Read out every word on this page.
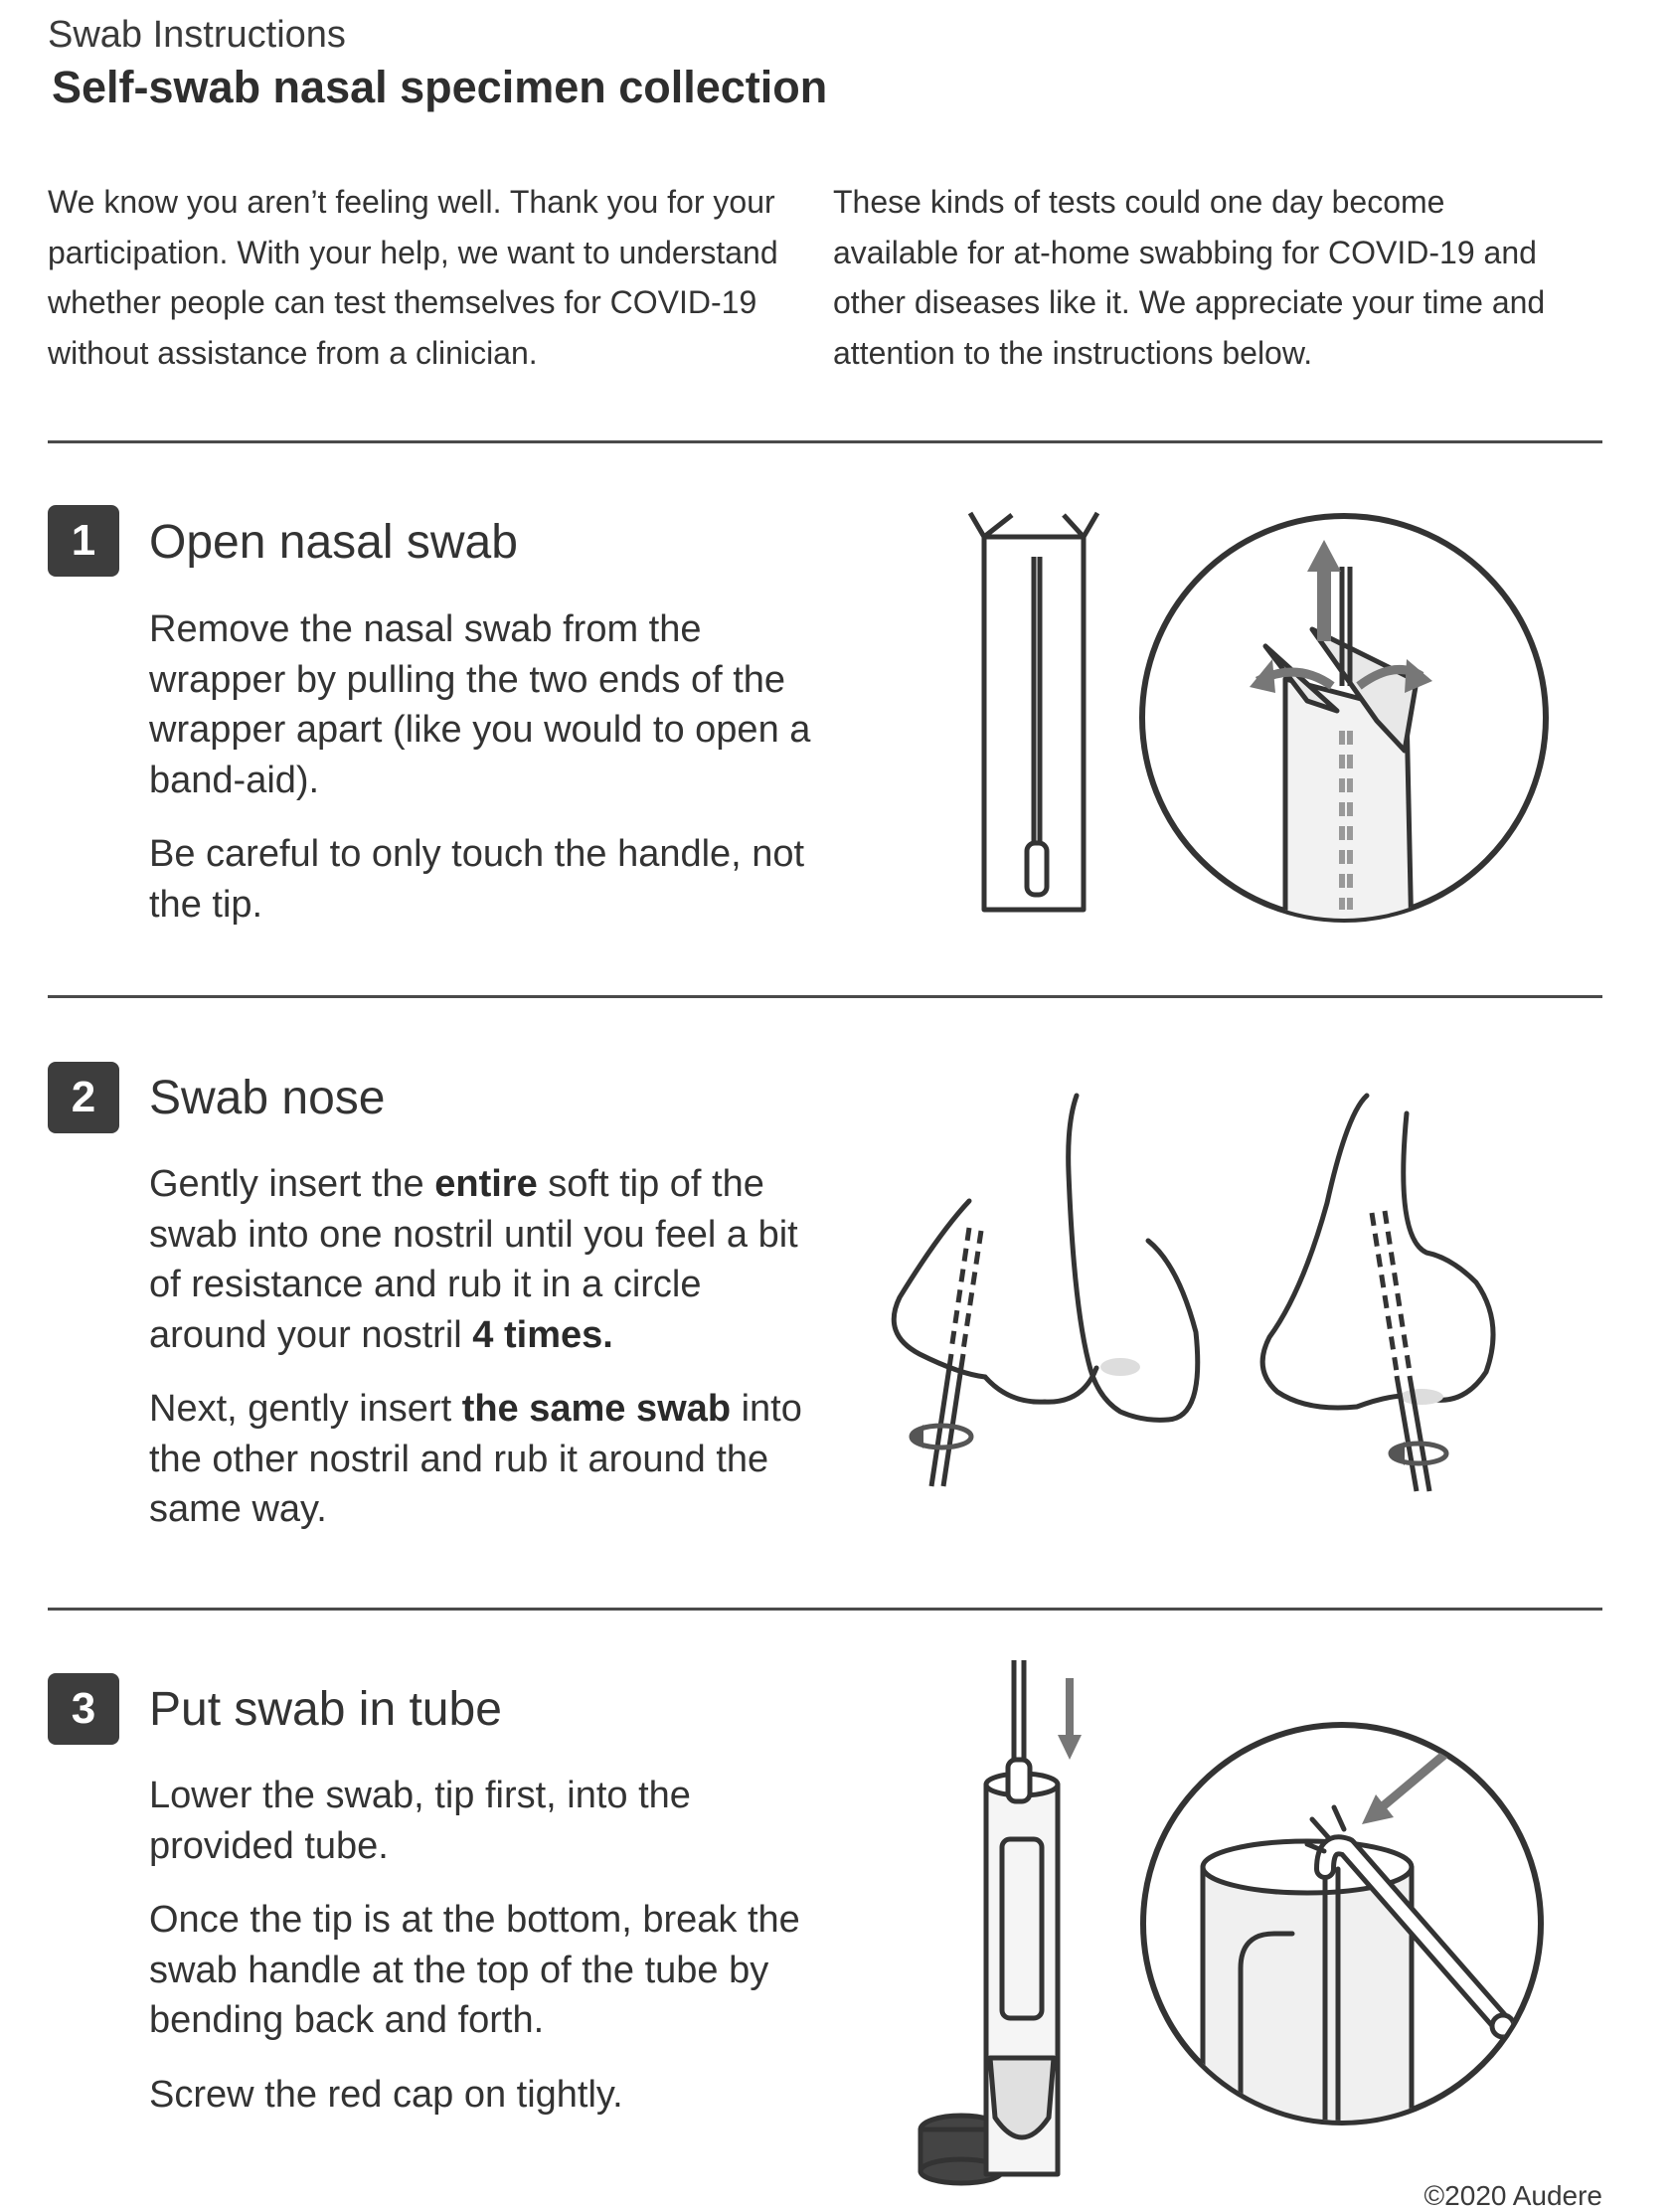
Swab Instructions
Self-swab nasal specimen collection

We know you aren’t feeling well. Thank you for your participation. With your help, we want to understand whether people can test themselves for COVID-19 without assistance from a clinician.

These kinds of tests could one day become available for at-home swabbing for COVID-19 and other diseases like it. We appreciate your time and attention to the instructions below.

1	Open nasal swab

Remove the nasal swab from the wrapper by pulling the two ends of the wrapper apart (like you would to open a band-aid).

Be careful to only touch the handle, not the tip.

2	Swab nose

Gently insert the entire soft tip of the swab into one nostril until you feel a bit of resistance and rub it in a circle around your nostril 4 times.

Next, gently insert the same swab into the other nostril and rub it around the same way.

3	Put swab in tube

Lower the swab, tip first, into the provided tube.

Once the tip is at the bottom, break the swab handle at the top of the tube by bending back and forth.

Screw the red cap on tightly.

©2020 Audere
